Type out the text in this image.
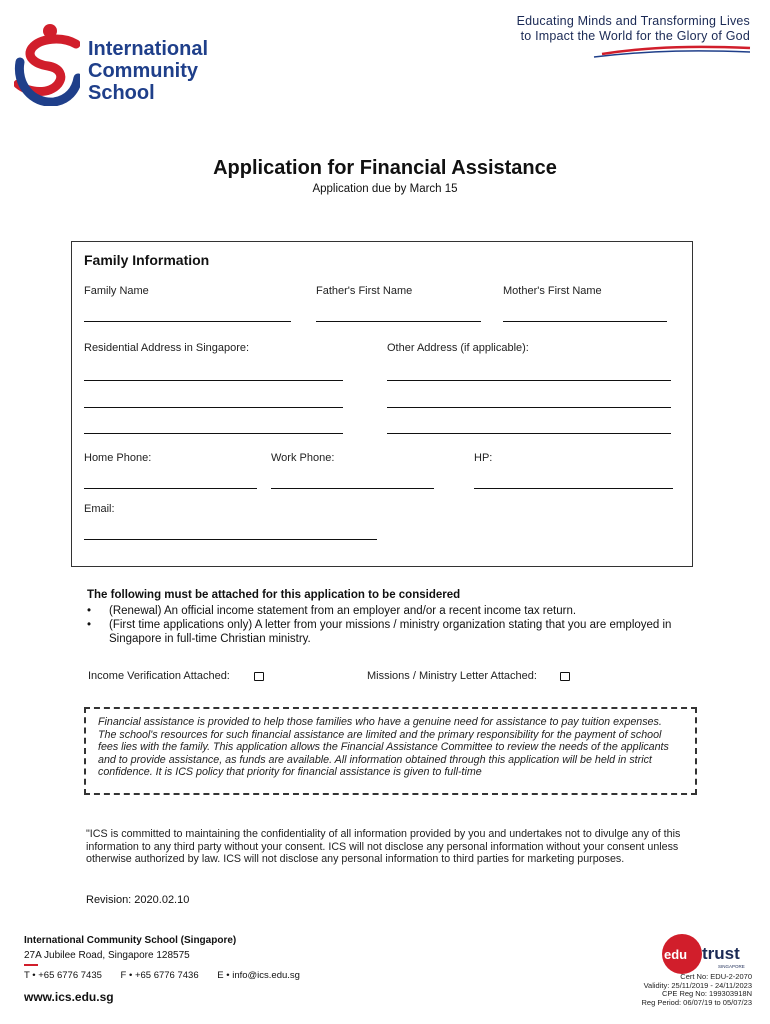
International
Community
School
Educating Minds and Transforming Lives
to Impact the World for the Glory of God
Application for Financial Assistance
Application due by March 15
Family Information
Family Name	Father's First Name	Mother's First Name
Residential Address in Singapore:	Other Address (if applicable):
Home Phone:	Work Phone:	HP:
Email:
The following must be attached for this application to be considered
• (Renewal) An official income statement from an employer and/or a recent income tax return.
• (First time applications only) A letter from your missions / ministry organization stating that you are employed in Singapore in full-time Christian ministry.
Income Verification Attached:	Missions / Ministry Letter Attached:
Financial assistance is provided to help those families who have a genuine need for assistance to pay tuition expenses. The school's resources for such financial assistance are limited and the primary responsibility for the payment of school fees lies with the family. This application allows the Financial Assistance Committee to review the needs of the applicants and to provide assistance, as funds are available. All information obtained through this application will be held in strict confidence. It is ICS policy that priority for financial assistance is given to full-time
"ICS is committed to maintaining the confidentiality of all information provided by you and undertakes not to divulge any of this information to any third party without your consent. ICS will not disclose any personal information without your consent unless otherwise authorized by law. ICS will not disclose any personal information to third parties for marketing purposes.
Revision: 2020.02.10
International Community School (Singapore)
27A Jubilee Road, Singapore 128575
T • +65 6776 7435 F • +65 6776 7436 E • info@ics.edu.sg
www.ics.edu.sg
edu trust
SINGAPORE
Cert No: EDU-2-2070
Validity: 25/11/2019 - 24/11/2023
CPE Reg No: 199303918N
Reg Period: 06/07/19 to 05/07/23
